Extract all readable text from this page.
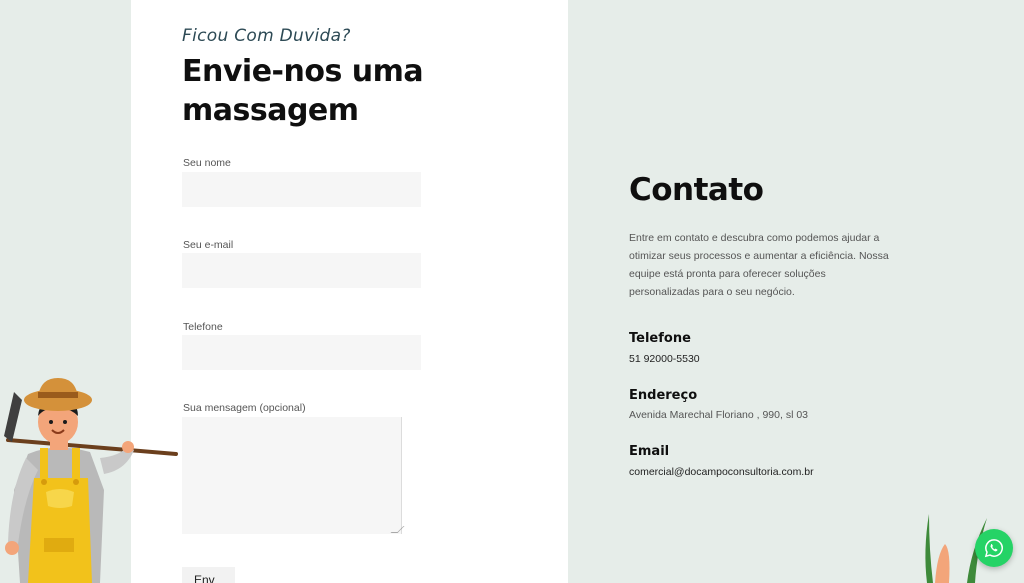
Ficou Com Duvida?
Envie-nos uma massagem
Seu nome
Seu e-mail
Telefone
Sua mensagem (opcional)
Env
Contato

Entre em contato e descubra como podemos ajudar a otimizar seus processos e aumentar a eficiência. Nossa equipe está pronta para oferecer soluções personalizadas para o seu negócio.

Telefone
51 92000-5530
Endereço
Avenida Marechal Floriano , 990, sl 03
Email
comercial@docampoconsultoria.com.br
